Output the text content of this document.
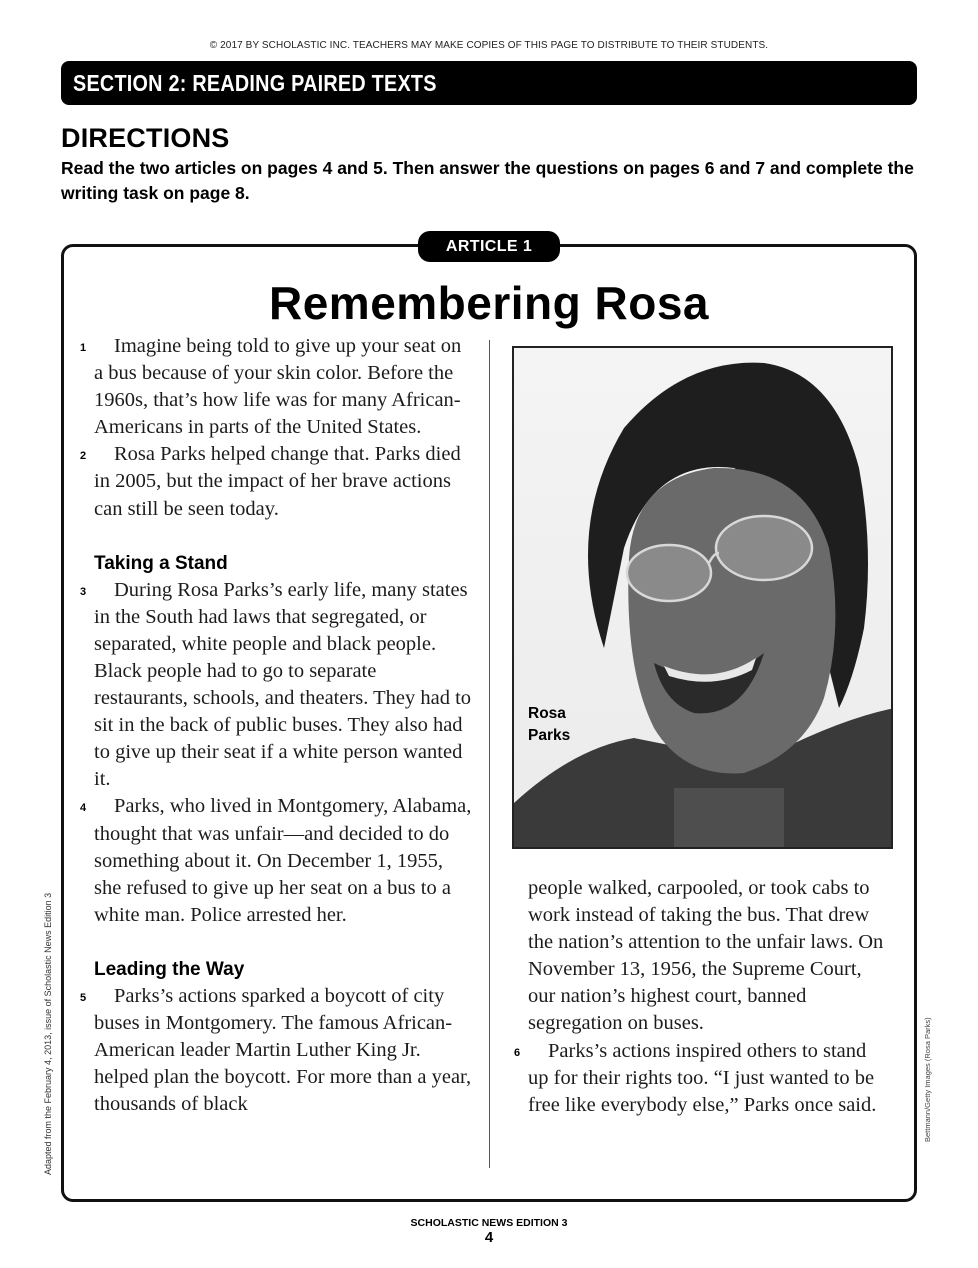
© 2017 BY SCHOLASTIC INC. TEACHERS MAY MAKE COPIES OF THIS PAGE TO DISTRIBUTE TO THEIR STUDENTS.
SECTION 2: READING PAIRED TEXTS
DIRECTIONS
Read the two articles on pages 4 and 5. Then answer the questions on pages 6 and 7 and complete the writing task on page 8.
ARTICLE 1
Remembering Rosa

1 Imagine being told to give up your seat on a bus because of your skin color. Before the 1960s, that’s how life was for many African-Americans in parts of the United States.

2 Rosa Parks helped change that. Parks died in 2005, but the impact of her brave actions can still be seen today.

Taking a Stand

3 During Rosa Parks’s early life, many states in the South had laws that segregated, or separated, white people and black people. Black people had to go to separate restaurants, schools, and theaters. They had to sit in the back of public buses. They also had to give up their seat if a white person wanted it.

4 Parks, who lived in Montgomery, Alabama, thought that was unfair—and decided to do something about it. On December 1, 1955, she refused to give up her seat on a bus to a white man. Police arrested her.

Leading the Way

5 Parks’s actions sparked a boycott of city buses in Montgomery. The famous African-American leader Martin Luther King Jr. helped plan the boycott. For more than a year, thousands of black

Rosa
Parks

people walked, carpooled, or took cabs to work instead of taking the bus. That drew the nation’s attention to the unfair laws. On November 13, 1956, the Supreme Court, our nation’s highest court, banned segregation on buses.

6 Parks’s actions inspired others to stand up for their rights too. “I just wanted to be free like everybody else,” Parks once said.

Adapted from the February 4, 2013, issue of Scholastic News Edition 3	Bettmann/Getty Images (Rosa Parks)
SCHOLASTIC NEWS EDITION 3
4
